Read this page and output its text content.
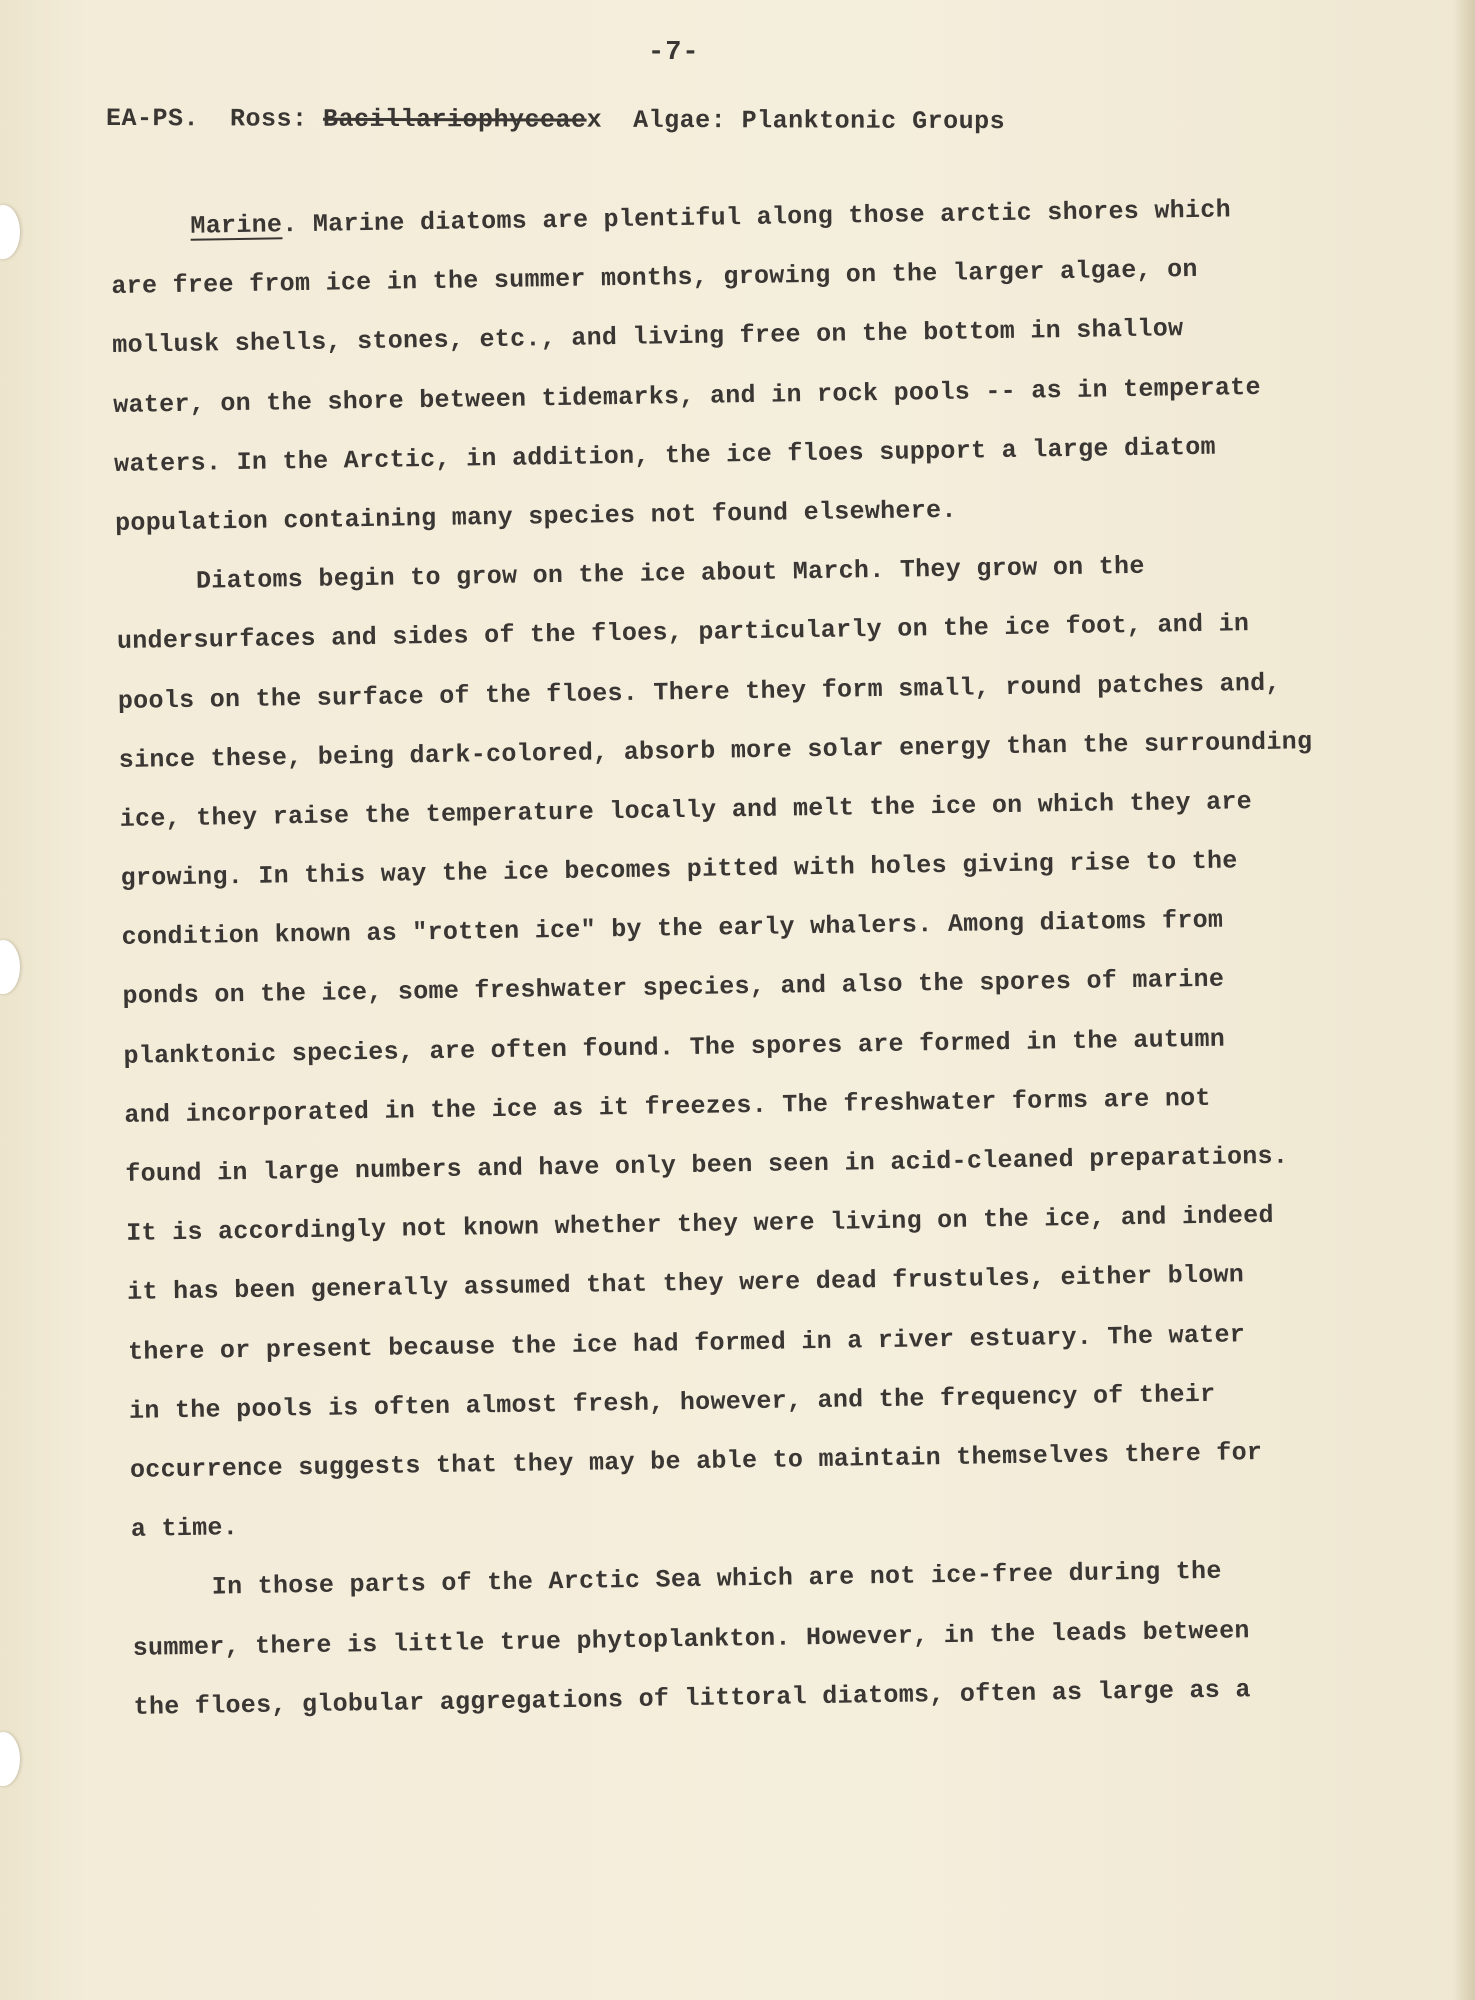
-7-
EA-PS.  Ross: Bacillariophyceaex  Algae: Planktonic Groups
Marine. Marine diatoms are plentiful along those arctic shores which
are free from ice in the summer months, growing on the larger algae, on
mollusk shells, stones, etc., and living free on the bottom in shallow
water, on the shore between tidemarks, and in rock pools -- as in temperate
waters. In the Arctic, in addition, the ice floes support a large diatom
population containing many species not found elsewhere.
Diatoms begin to grow on the ice about March. They grow on the
undersurfaces and sides of the floes, particularly on the ice foot, and in
pools on the surface of the floes. There they form small, round patches and,
since these, being dark-colored, absorb more solar energy than the surrounding
ice, they raise the temperature locally and melt the ice on which they are
growing. In this way the ice becomes pitted with holes giving rise to the
condition known as "rotten ice" by the early whalers. Among diatoms from
ponds on the ice, some freshwater species, and also the spores of marine
planktonic species, are often found. The spores are formed in the autumn
and incorporated in the ice as it freezes. The freshwater forms are not
found in large numbers and have only been seen in acid-cleaned preparations.
It is accordingly not known whether they were living on the ice, and indeed
it has been generally assumed that they were dead frustules, either blown
there or present because the ice had formed in a river estuary. The water
in the pools is often almost fresh, however, and the frequency of their
occurrence suggests that they may be able to maintain themselves there for
a time.
In those parts of the Arctic Sea which are not ice-free during the
summer, there is little true phytoplankton. However, in the leads between
the floes, globular aggregations of littoral diatoms, often as large as a
